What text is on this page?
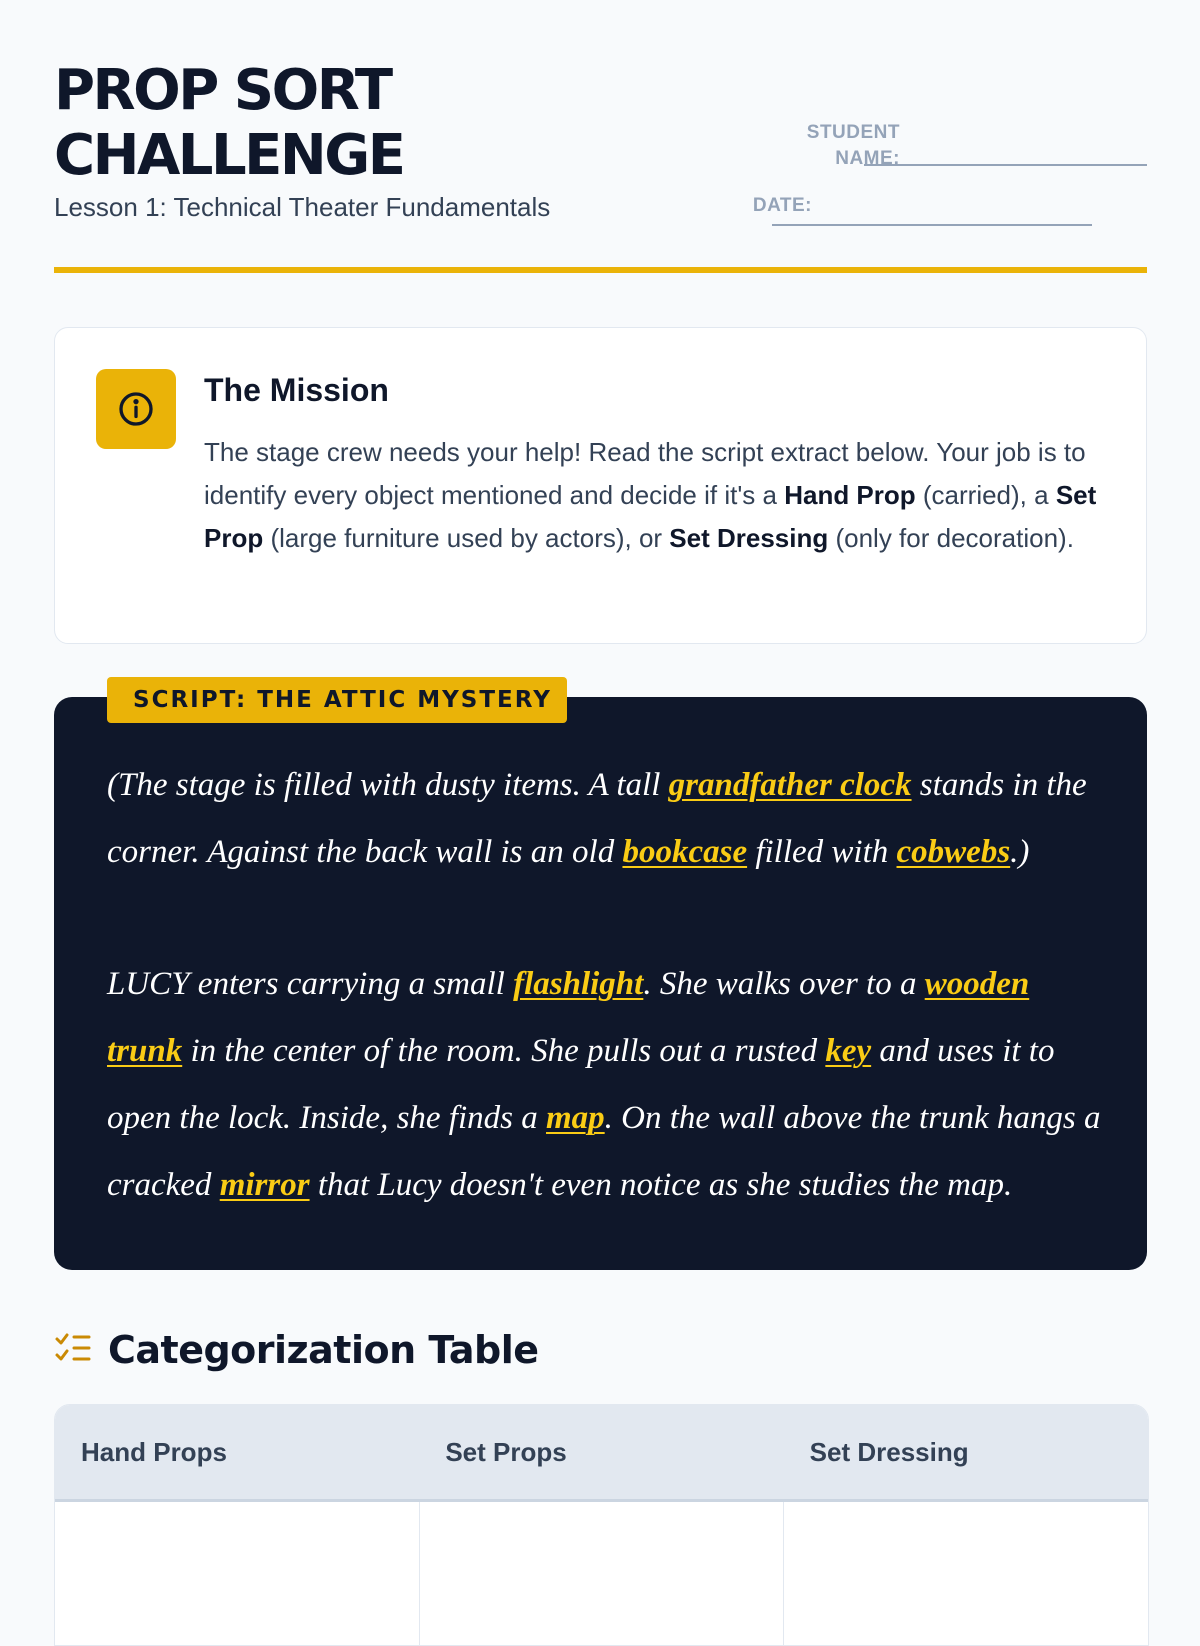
PROP SORT
CHALLENGE
Lesson 1: Technical Theater Fundamentals
STUDENT
NAME:
DATE:
The Mission

The stage crew needs your help! Read the script extract below. Your job is to identify every object mentioned and decide if it's a Hand Prop (carried), a Set Prop (large furniture used by actors), or Set Dressing (only for decoration).

SCRIPT: THE ATTIC MYSTERY

(The stage is filled with dusty items. A tall grandfather clock stands in the corner. Against the back wall is an old bookcase filled with cobwebs.)

LUCY enters carrying a small flashlight. She walks over to a wooden trunk in the center of the room. She pulls out a rusted key and uses it to open the lock. Inside, she finds a map. On the wall above the trunk hangs a cracked mirror that Lucy doesn't even notice as she studies the map.

Categorization Table
Hand Props	Set Props	Set Dressing
